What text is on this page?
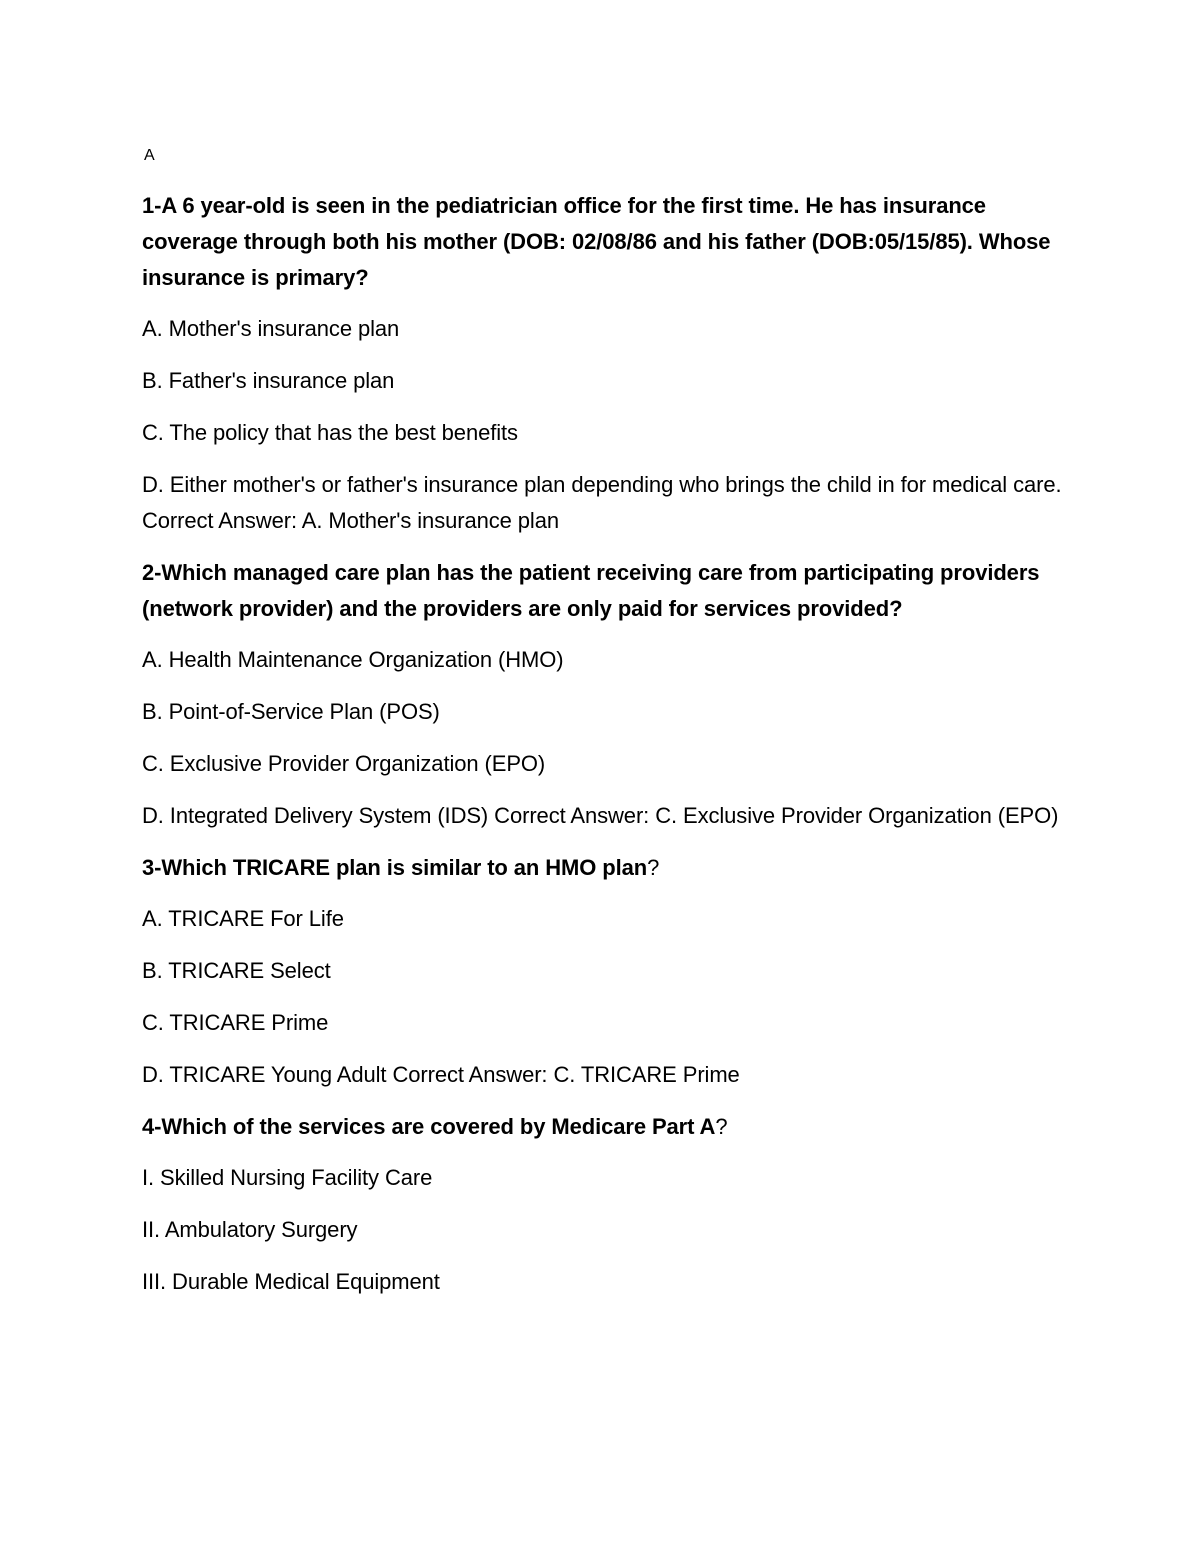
A

1-A 6 year-old is seen in the pediatrician office for the first time. He has insurance coverage through both his mother (DOB: 02/08/86 and his father (DOB:05/15/85). Whose insurance is primary?

A. Mother's insurance plan

B. Father's insurance plan

C. The policy that has the best benefits

D. Either mother's or father's insurance plan depending who brings the child in for medical care. Correct Answer: A. Mother's insurance plan

2-Which managed care plan has the patient receiving care from participating providers (network provider) and the providers are only paid for services provided?

A. Health Maintenance Organization (HMO)

B. Point-of-Service Plan (POS)

C. Exclusive Provider Organization (EPO)

D. Integrated Delivery System (IDS) Correct Answer: C. Exclusive Provider Organization (EPO)

3-Which TRICARE plan is similar to an HMO plan?

A. TRICARE For Life

B. TRICARE Select

C. TRICARE Prime

D. TRICARE Young Adult Correct Answer: C. TRICARE Prime

4-Which of the services are covered by Medicare Part A?

I. Skilled Nursing Facility Care

II. Ambulatory Surgery

III. Durable Medical Equipment
